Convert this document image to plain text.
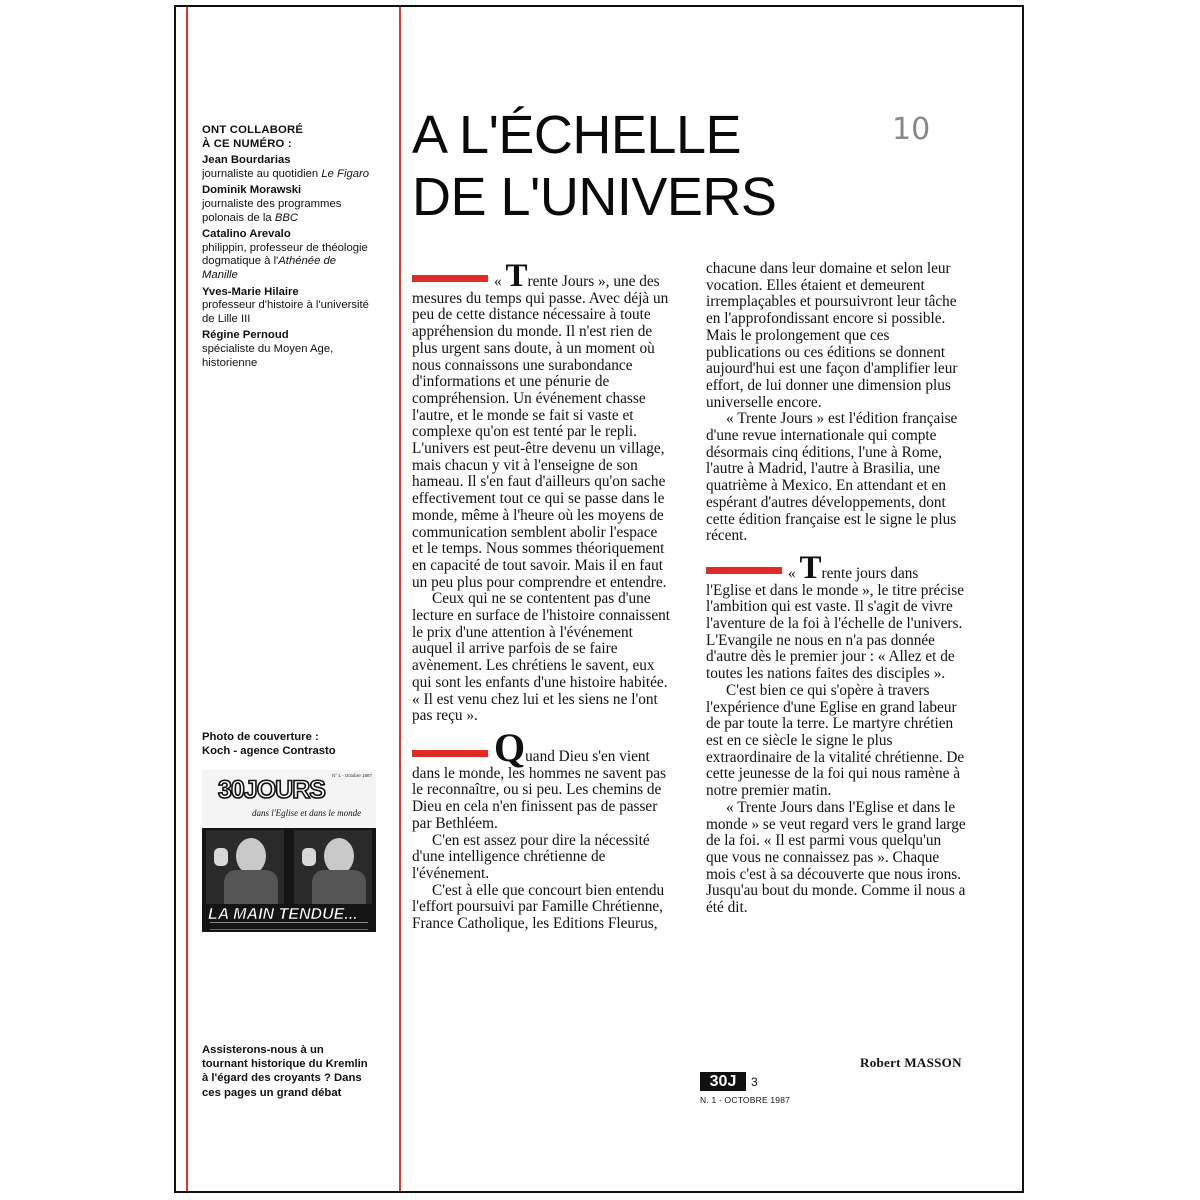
ONT COLLABORÉ
À CE NUMÉRO :
Jean Bourdarias
journaliste au quotidien Le Figaro
Dominik Morawski
journaliste des programmes polonais de la BBC
Catalino Arevalo
philippin, professeur de théologie dogmatique à l'Athénée de Manille
Yves-Marie Hilaire
professeur d'histoire à l'université de Lille III
Régine Pernoud
spécialiste du Moyen Age, historienne
Photo de couverture :
Koch - agence Contrasto
N° 1 - Octobre 1987
30JOURS
dans l'Eglise et dans le monde
LA MAIN TENDUE...
Assisterons-nous à un tournant historique du Kremlin à l'égard des croyants ? Dans ces pages un grand débat
A L'ÉCHELLE
DE L'UNIVERS
10

« Trente Jours », une des mesures du temps qui passe. Avec déjà un peu de cette distance nécessaire à toute appréhension du monde. Il n'est rien de plus urgent sans doute, à un moment où nous connaissons une surabondance d'informations et une pénurie de compréhension. Un événement chasse l'autre, et le monde se fait si vaste et complexe qu'on est tenté par le repli. L'univers est peut-être devenu un village, mais chacun y vit à l'enseigne de son hameau. Il s'en faut d'ailleurs qu'on sache effectivement tout ce qui se passe dans le monde, même à l'heure où les moyens de communication semblent abolir l'espace et le temps. Nous sommes théoriquement en capacité de tout savoir. Mais il en faut un peu plus pour comprendre et entendre.

Ceux qui ne se contentent pas d'une lecture en surface de l'histoire connaissent le prix d'une attention à l'événement auquel il arrive parfois de se faire avènement. Les chrétiens le savent, eux qui sont les enfants d'une histoire habitée. « Il est venu chez lui et les siens ne l'ont pas reçu ».

Quand Dieu s'en vient dans le monde, les hommes ne savent pas le reconnaître, ou si peu. Les chemins de Dieu en cela n'en finissent pas de passer par Bethléem.

C'en est assez pour dire la nécessité d'une intelligence chrétienne de l'événement.

C'est à elle que concourt bien entendu l'effort poursuivi par Famille Chrétienne, France Catholique, les Editions Fleurus,

chacune dans leur domaine et selon leur vocation. Elles étaient et demeurent irremplaçables et poursuivront leur tâche en l'approfondissant encore si possible.

Mais le prolongement que ces publications ou ces éditions se donnent aujourd'hui est une façon d'amplifier leur effort, de lui donner une dimension plus universelle encore.

« Trente Jours » est l'édition française d'une revue internationale qui compte désormais cinq éditions, l'une à Rome, l'autre à Madrid, l'autre à Brasilia, une quatrième à Mexico. En attendant et en espérant d'autres développements, dont cette édition française est le signe le plus récent.

« Trente jours dans l'Eglise et dans le monde », le titre précise l'ambition qui est vaste. Il s'agit de vivre l'aventure de la foi à l'échelle de l'univers. L'Evangile ne nous en n'a pas donnée d'autre dès le premier jour : « Allez et de toutes les nations faites des disciples ».

C'est bien ce qui s'opère à travers l'expérience d'une Eglise en grand labeur de par toute la terre. Le martyre chrétien est en ce siècle le signe le plus extraordinaire de la vitalité chrétienne. De cette jeunesse de la foi qui nous ramène à notre premier matin.

« Trente Jours dans l'Eglise et dans le monde » se veut regard vers le grand large de la foi. « Il est parmi vous quelqu'un que vous ne connaissez pas ». Chaque mois c'est à sa découverte que nous irons. Jusqu'au bout du monde. Comme il nous a été dit.

Robert MASSON
30J	3
N. 1 - OCTOBRE 1987
